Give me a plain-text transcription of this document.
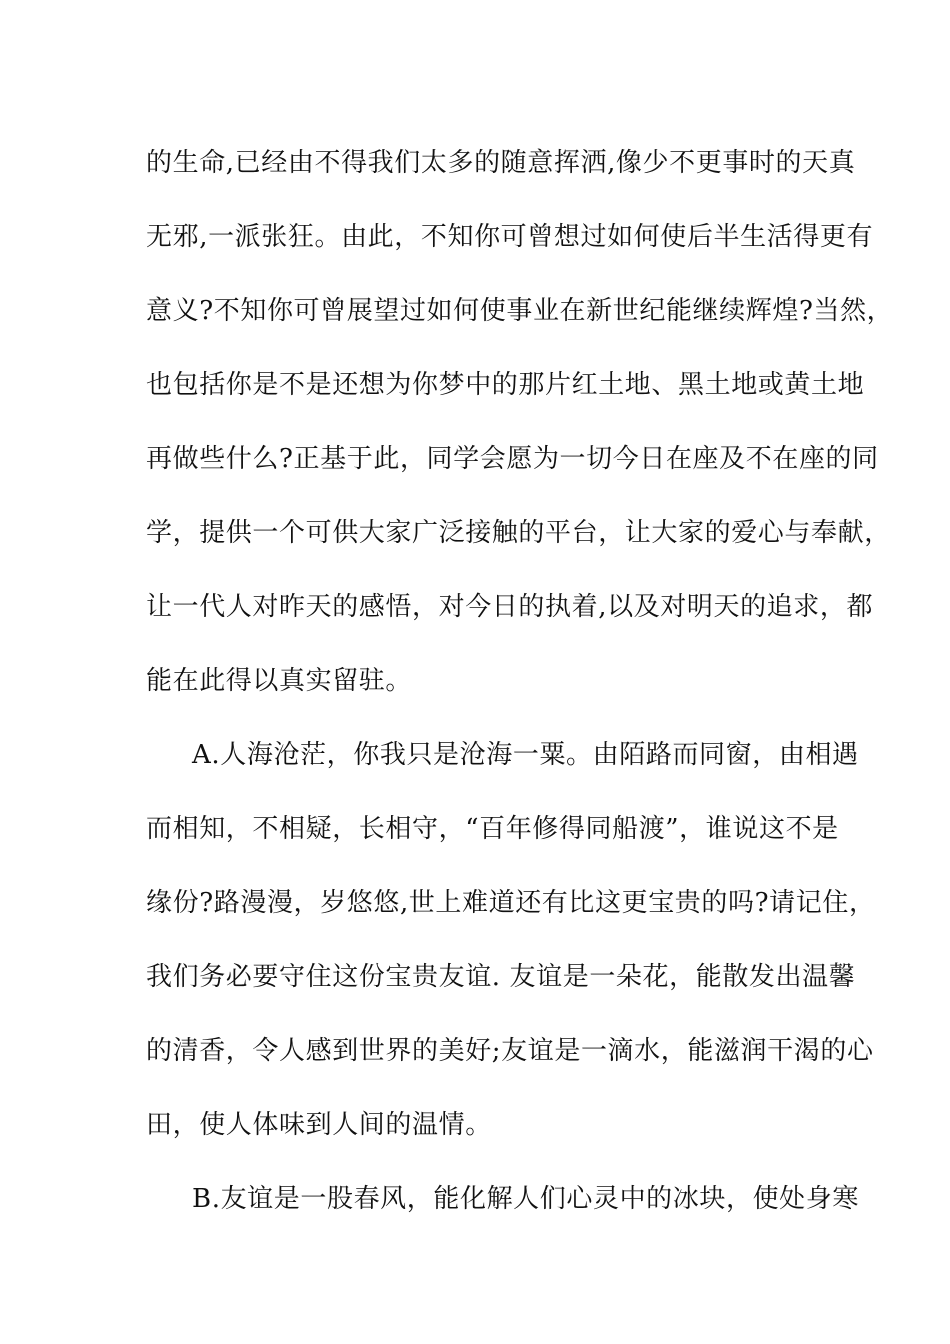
的生命,已经由不得我们太多的随意挥洒,像少不更事时的天真
无邪,一派张狂。由此，不知你可曾想过如何使后半生活得更有
意义?不知你可曾展望过如何使事业在新世纪能继续辉煌?当然，
也包括你是不是还想为你梦中的那片红土地、黑土地或黄土地
再做些什么?正基于此，同学会愿为一切今日在座及不在座的同
学，提供一个可供大家广泛接触的平台，让大家的爱心与奉献，
让一代人对昨天的感悟，对今日的执着,以及对明天的追求，都
能在此得以真实留驻。
A.人海沧茫，你我只是沧海一粟。由陌路而同窗，由相遇
而相知，不相疑，长相守，“百年修得同船渡”，谁说这不是
缘份?路漫漫，岁悠悠,世上难道还有比这更宝贵的吗?请记住，
我们务必要守住这份宝贵友谊. 友谊是一朵花，能散发出温馨
的清香，令人感到世界的美好;友谊是一滴水，能滋润干渴的心
田，使人体味到人间的温情。
B.友谊是一股春风，能化解人们心灵中的冰块，使处身寒
